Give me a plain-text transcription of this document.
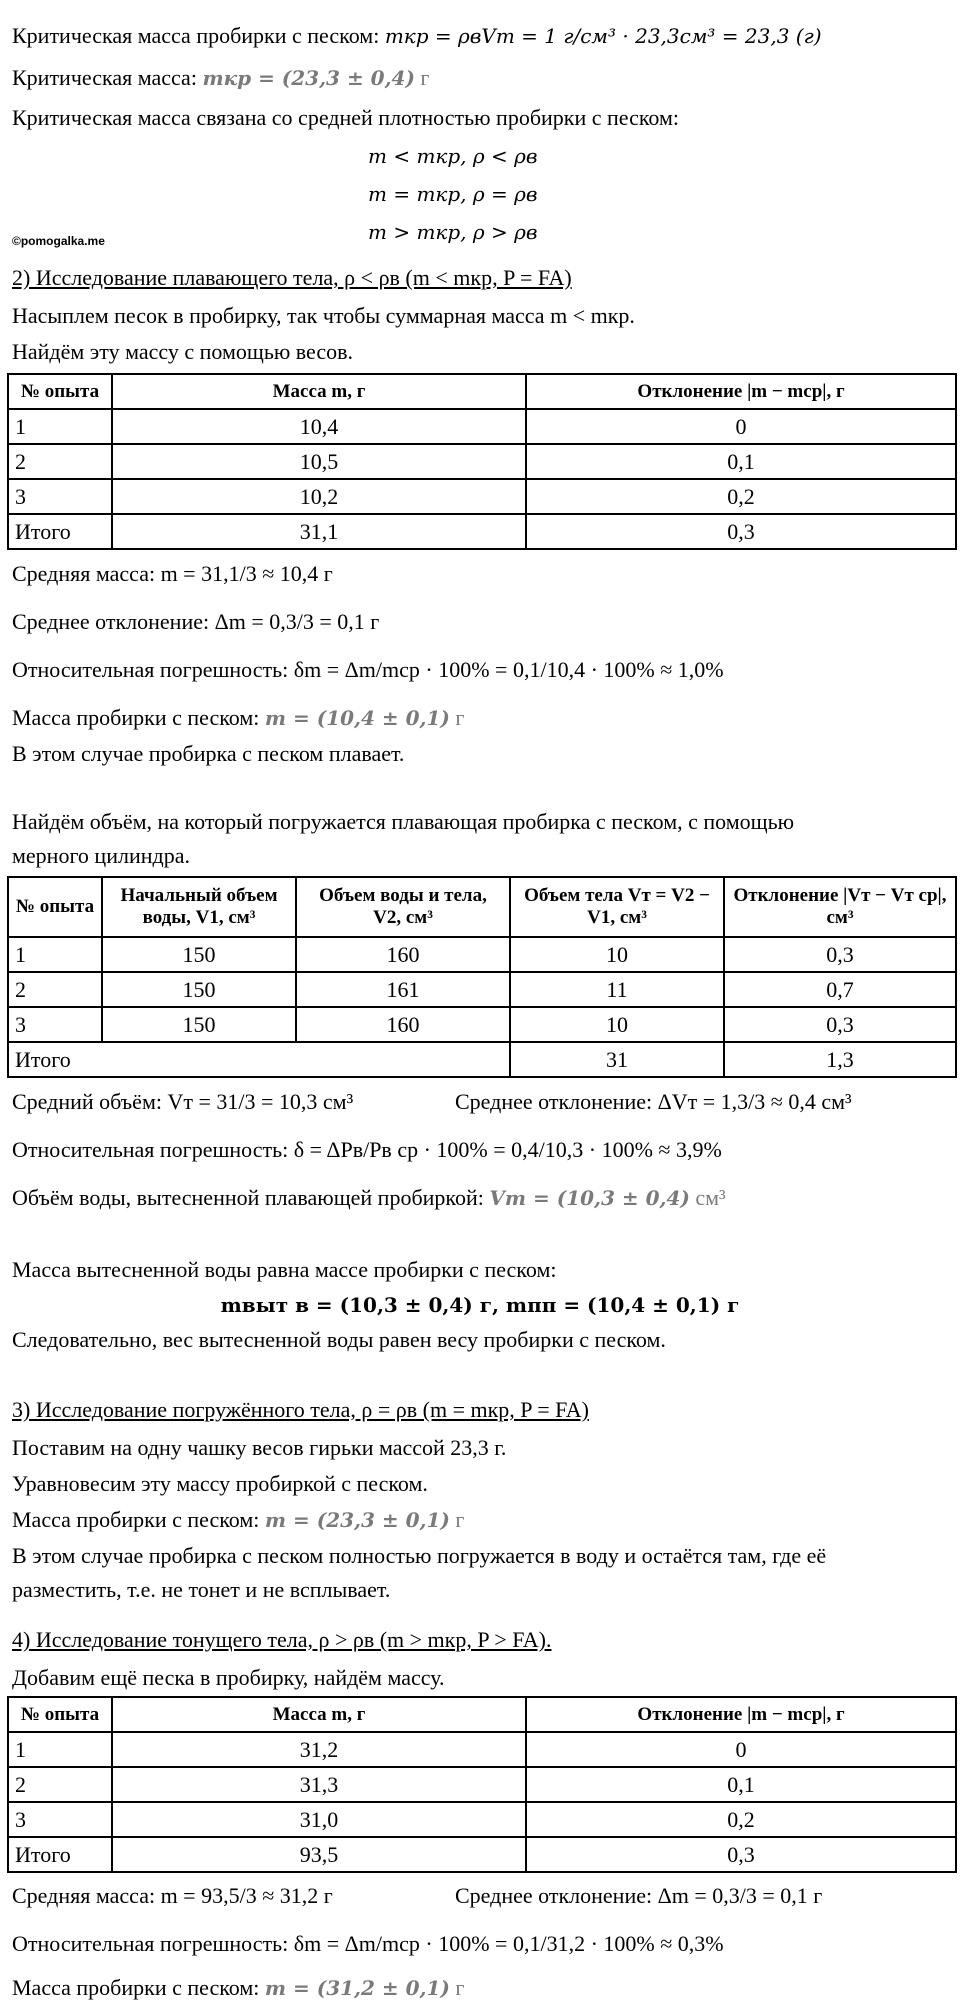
Критическая масса пробирки с песком: mкр = ρвVт = 1 г/см³ · 23,3см³ = 23,3 (г)
Критическая масса: mкр = (23,3 ± 0,4) г
Критическая масса связана со средней плотностью пробирки с песком:
m < mкр, ρ < ρв
m = mкр, ρ = ρв
m > mкр, ρ > ρв
©pomogalka.me
2) Исследование плавающего тела, ρ < ρв (m < mкр, P = FA)
Насыплем песок в пробирку, так чтобы суммарная масса m < mкр.
Найдём эту массу с помощью весов.
№ опыта	Масса m, г	Отклонение |m − mср|, г
1	10,4	0
2	10,5	0,1
3	10,2	0,2
Итого	31,1	0,3
Средняя масса: m = 31,1/3 ≈ 10,4 г
Среднее отклонение: Δm = 0,3/3 = 0,1 г
Относительная погрешность: δm = Δm/mср · 100% = 0,1/10,4 · 100% ≈ 1,0%
Масса пробирки с песком: m = (10,4 ± 0,1) г
В этом случае пробирка с песком плавает.
Найдём объём, на который погружается плавающая пробирка с песком, с помощью
мерного цилиндра.
№ опыта	Начальный объем воды, V1, см³	Объем воды и тела, V2, см³	Объем тела Vт = V2 − V1, см³	Отклонение |Vт − Vт ср|, см³
1	150	160	10	0,3
2	150	161	11	0,7
3	150	160	10	0,3
Итого			31	1,3
Средний объём: Vт = 31/3 = 10,3 см³	Среднее отклонение: ΔVт = 1,3/3 ≈ 0,4 см³
Относительная погрешность: δ = ΔPв/Pв ср · 100% = 0,4/10,3 · 100% ≈ 3,9%
Объём воды, вытесненной плавающей пробиркой: Vт = (10,3 ± 0,4) см³
Масса вытесненной воды равна массе пробирки с песком:
mвыт в = (10,3 ± 0,4) г, mпп = (10,4 ± 0,1) г
Следовательно, вес вытесненной воды равен весу пробирки с песком.
3) Исследование погружённого тела, ρ = ρв (m = mкр, P = FA)
Поставим на одну чашку весов гирьки массой 23,3 г.
Уравновесим эту массу пробиркой с песком.
Масса пробирки с песком: m = (23,3 ± 0,1) г
В этом случае пробирка с песком полностью погружается в воду и остаётся там, где её
разместить, т.е. не тонет и не всплывает.
4) Исследование тонущего тела, ρ > ρв (m > mкр, P > FA).
Добавим ещё песка в пробирку, найдём массу.
№ опыта	Масса m, г	Отклонение |m − mср|, г
1	31,2	0
2	31,3	0,1
3	31,0	0,2
Итого	93,5	0,3
Средняя масса: m = 93,5/3 ≈ 31,2 г	Среднее отклонение: Δm = 0,3/3 = 0,1 г
Относительная погрешность: δm = Δm/mср · 100% = 0,1/31,2 · 100% ≈ 0,3%
Масса пробирки с песком: m = (31,2 ± 0,1) г
